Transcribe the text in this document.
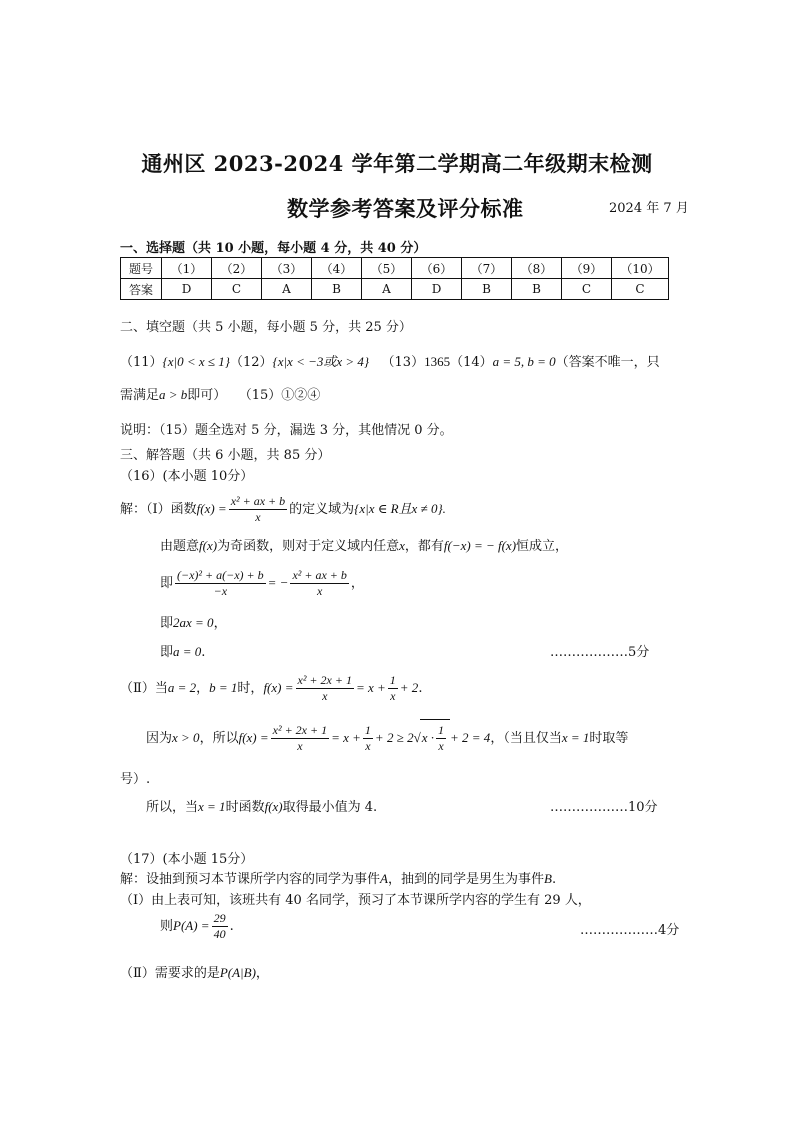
通州区 2023-2024 学年第二学期高二年级期末检测
数学参考答案及评分标准	2024 年 7 月
一、选择题（共 10 小题，每小题 4 分，共 40 分）
题号	（1）	（2）	（3）	（4）	（5）	（6）	（7）	（8）	（9）	（10）
答案	D	C	A	B	A	D	B	B	C	C
二、填空题（共 5 小题，每小题 5 分，共 25 分）
（11）{x|0 < x ≤ 1}（12）{x|x < −3或x > 4} （13）1365（14）a = 5, b = 0（答案不唯一，只
需满足a > b即可） （15）①②④
说明：（15）题全选对 5 分，漏选 3 分，其他情况 0 分。
三、解答题（共 6 小题，共 85 分）
（16）(本小题 10分）
解：（Ⅰ）函数$f(x) = \frac{\text{x² + ax + b}}{x}$ 的定义域为{x|x ∈ R且x ≠ 0}.
由题意f(x)为奇函数，则对于定义域内任意x，都有f(−x) = − f(x)恒成立，
即 $\frac{\text{(−x)² + a(−x) + b}}{-x}$ = − $\frac{\text{x² + ax + b}}{x}$ ，
即2ax = 0，
即a = 0.	………………5分
（Ⅱ）当a = 2，b = 1时，$f(x) = \frac{\text{x² + 2x + 1}}{x} = x + \frac{1}{x} + 2$.
因为x > 0，所以$f(x) = \frac{\text{x² + 2x + 1}}{x} = x + \frac{1}{x} + 2 \ge 2√x \cdot \frac{1}{x} + 2 = 4$，（当且仅当x = 1时取等
号）.
所以，当x = 1时函数f(x)取得最小值为 4.	………………10分
（17）(本小题 15分）
解：设抽到预习本节课所学内容的同学为事件A，抽到的同学是男生为事件B.
（Ⅰ）由上表可知，该班共有 40 名同学，预习了本节课所学内容的学生有 29 人，
则$P(A) = \frac{29}{40}$ .	………………4分
（Ⅱ）需要求的是P(A|B)，
